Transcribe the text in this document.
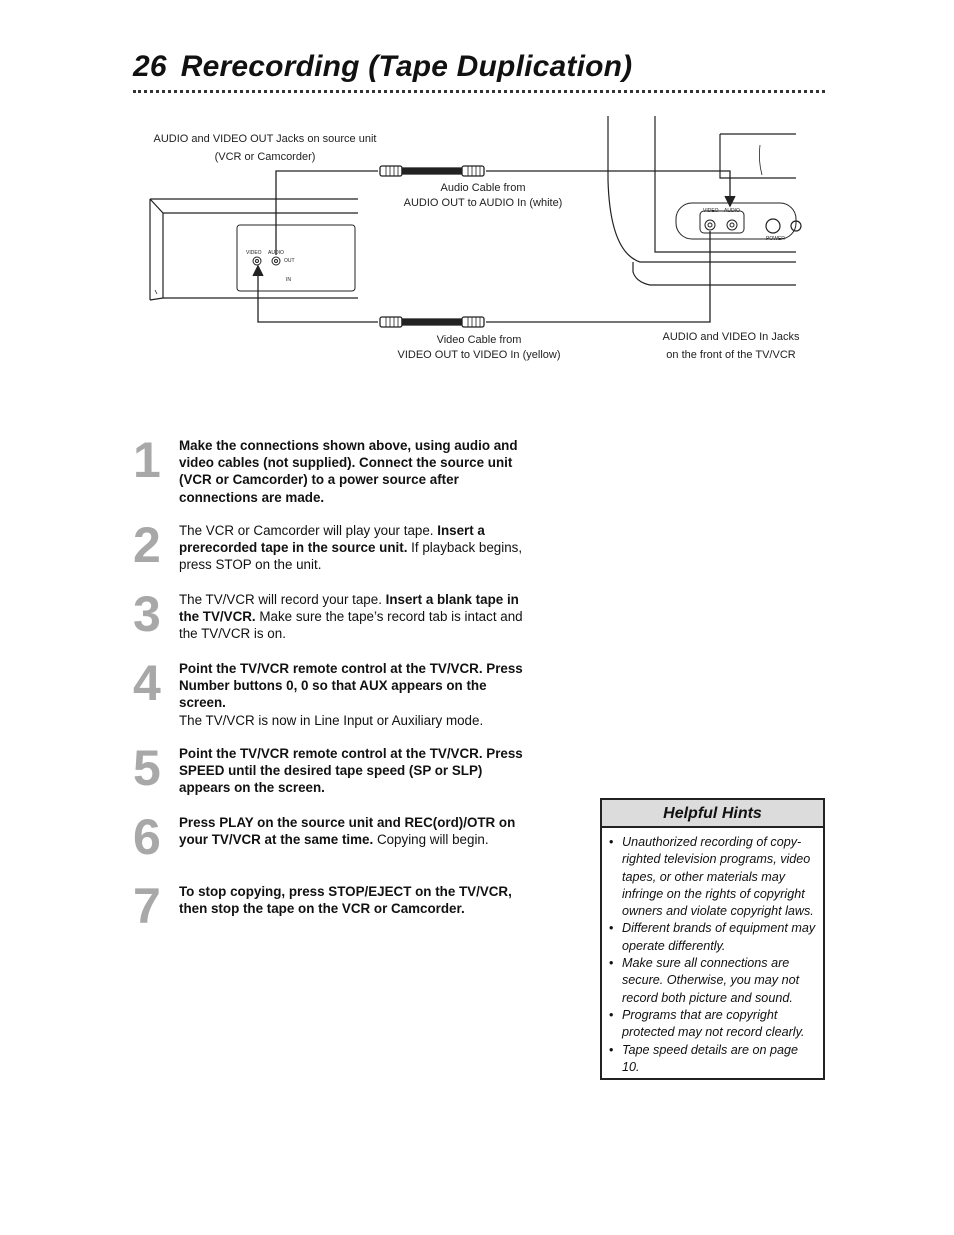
26 Rerecording (Tape Duplication)
VIDEO AUDIO
OUT
IN
VIDEO AUDIO
POWER
AUDIO and VIDEO OUT Jacks on source unit
(VCR or Camcorder)
Audio Cable from
AUDIO OUT to AUDIO In (white)
Video Cable from
VIDEO OUT to VIDEO In (yellow)
AUDIO and VIDEO In Jacks
on the front of the TV/VCR
1	Make the connections shown above, using audio and video cables (not supplied). Connect the source unit (VCR or Camcorder) to a power source after connections are made.
2	The VCR or Camcorder will play your tape. Insert a prerecorded tape in the source unit. If playback begins, press STOP on the unit.
3	The TV/VCR will record your tape. Insert a blank tape in the TV/VCR. Make sure the tape’s record tab is intact and the TV/VCR is on.
4	Point the TV/VCR remote control at the TV/VCR. Press Number buttons 0, 0 so that AUX appears on the screen.
The TV/VCR is now in Line Input or Auxiliary mode.
5	Point the TV/VCR remote control at the TV/VCR. Press SPEED until the desired tape speed (SP or SLP) appears on the screen.
6	Press PLAY on the source unit and REC(ord)/OTR on your TV/VCR at the same time. Copying will begin.
7	To stop copying, press STOP/EJECT on the TV/VCR, then stop the tape on the VCR or Camcorder.
Helpful Hints
• Unauthorized recording of copy-righted television programs, video tapes, or other materials may infringe on the rights of copyright owners and violate copyright laws.
• Different brands of equipment may operate differently.
• Make sure all connections are secure. Otherwise, you may not record both picture and sound.
• Programs that are copyright protected may not record clearly.
• Tape speed details are on page 10.
